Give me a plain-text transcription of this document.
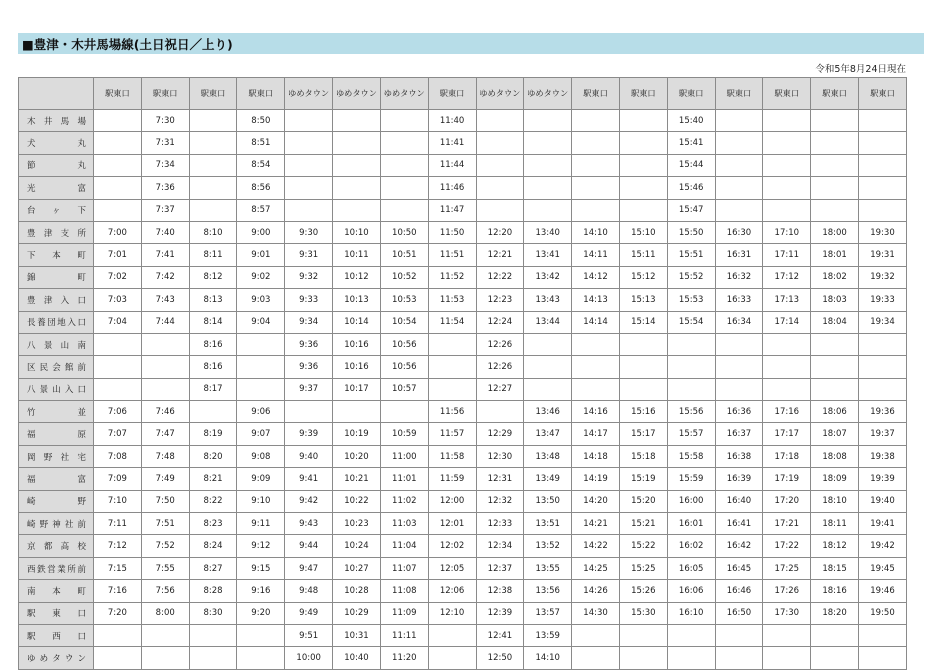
■豊津・木井馬場線(土日祝日／上り)
令和5年8月24日現在
	駅東口	駅東口	駅東口	駅東口	ゆめタウン	ゆめタウン	ゆめタウン	駅東口	ゆめタウン	ゆめタウン	駅東口	駅東口	駅東口	駅東口	駅東口	駅東口	駅東口
木井馬場		7:30		8:50				11:40					15:40				
犬丸		7:31		8:51				11:41					15:41				
節丸		7:34		8:54				11:44					15:44				
光富		7:36		8:56				11:46					15:46				
台ヶ下		7:37		8:57				11:47					15:47				
豊津支所	7:00	7:40	8:10	9:00	9:30	10:10	10:50	11:50	12:20	13:40	14:10	15:10	15:50	16:30	17:10	18:00	19:30
下本町	7:01	7:41	8:11	9:01	9:31	10:11	10:51	11:51	12:21	13:41	14:11	15:11	15:51	16:31	17:11	18:01	19:31
錦町	7:02	7:42	8:12	9:02	9:32	10:12	10:52	11:52	12:22	13:42	14:12	15:12	15:52	16:32	17:12	18:02	19:32
豊津入口	7:03	7:43	8:13	9:03	9:33	10:13	10:53	11:53	12:23	13:43	14:13	15:13	15:53	16:33	17:13	18:03	19:33
長養団地入口	7:04	7:44	8:14	9:04	9:34	10:14	10:54	11:54	12:24	13:44	14:14	15:14	15:54	16:34	17:14	18:04	19:34
八景山南			8:16		9:36	10:16	10:56		12:26								
区民会館前			8:16		9:36	10:16	10:56		12:26								
八景山入口			8:17		9:37	10:17	10:57		12:27								
竹並	7:06	7:46		9:06				11:56		13:46	14:16	15:16	15:56	16:36	17:16	18:06	19:36
福原	7:07	7:47	8:19	9:07	9:39	10:19	10:59	11:57	12:29	13:47	14:17	15:17	15:57	16:37	17:17	18:07	19:37
岡野社宅	7:08	7:48	8:20	9:08	9:40	10:20	11:00	11:58	12:30	13:48	14:18	15:18	15:58	16:38	17:18	18:08	19:38
福富	7:09	7:49	8:21	9:09	9:41	10:21	11:01	11:59	12:31	13:49	14:19	15:19	15:59	16:39	17:19	18:09	19:39
崎野	7:10	7:50	8:22	9:10	9:42	10:22	11:02	12:00	12:32	13:50	14:20	15:20	16:00	16:40	17:20	18:10	19:40
崎野神社前	7:11	7:51	8:23	9:11	9:43	10:23	11:03	12:01	12:33	13:51	14:21	15:21	16:01	16:41	17:21	18:11	19:41
京都高校	7:12	7:52	8:24	9:12	9:44	10:24	11:04	12:02	12:34	13:52	14:22	15:22	16:02	16:42	17:22	18:12	19:42
西鉄営業所前	7:15	7:55	8:27	9:15	9:47	10:27	11:07	12:05	12:37	13:55	14:25	15:25	16:05	16:45	17:25	18:15	19:45
南本町	7:16	7:56	8:28	9:16	9:48	10:28	11:08	12:06	12:38	13:56	14:26	15:26	16:06	16:46	17:26	18:16	19:46
駅東口	7:20	8:00	8:30	9:20	9:49	10:29	11:09	12:10	12:39	13:57	14:30	15:30	16:10	16:50	17:30	18:20	19:50
駅西口					9:51	10:31	11:11		12:41	13:59							
ゆめタウン					10:00	10:40	11:20		12:50	14:10							
